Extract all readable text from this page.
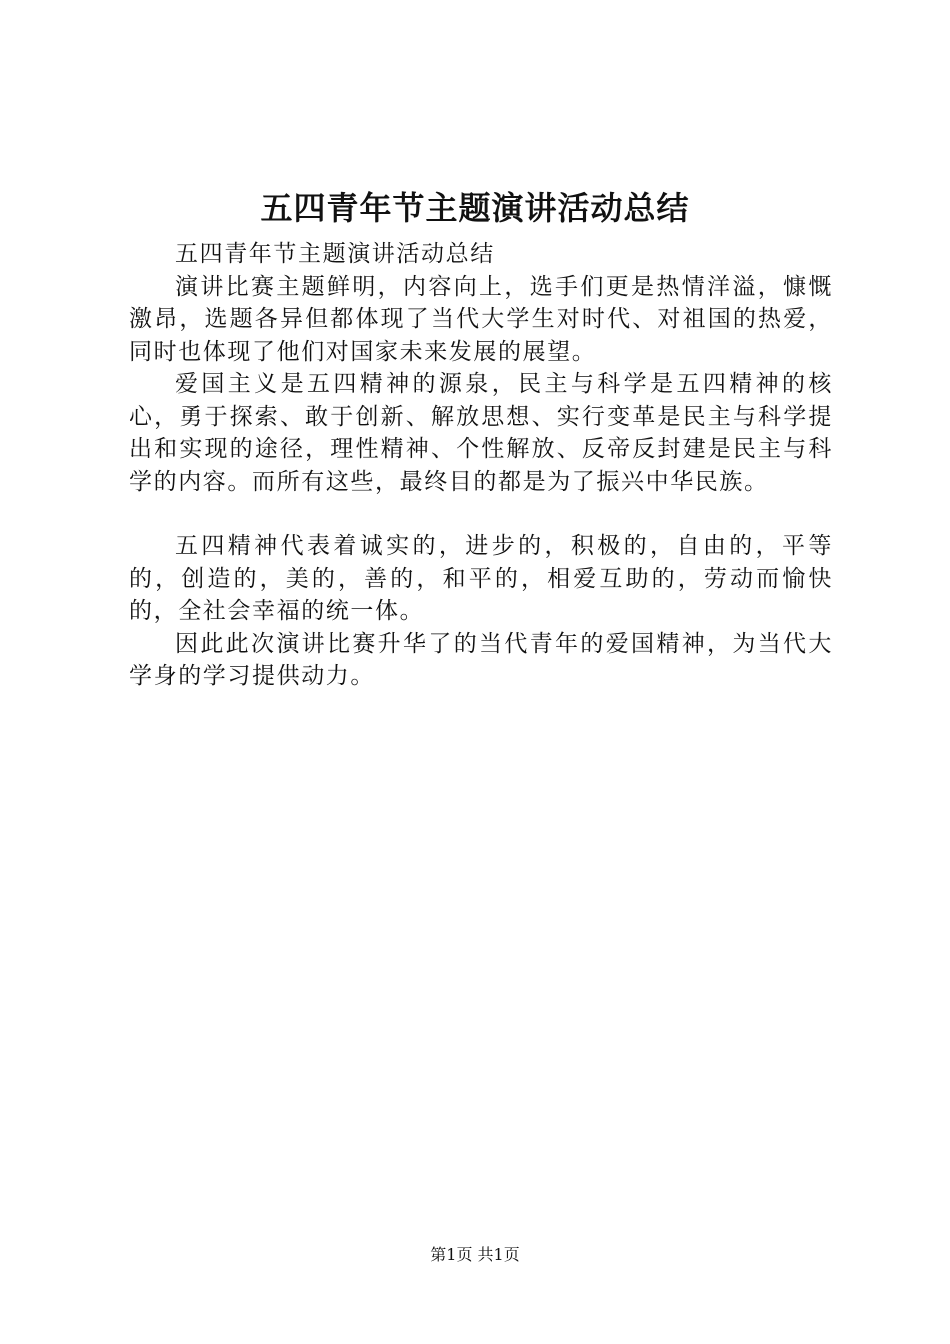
五四青年节主题演讲活动总结

五四青年节主题演讲活动总结

演讲比赛主题鲜明，内容向上，选手们更是热情洋溢，慷慨激昂，选题各异但都体现了当代大学生对时代、对祖国的热爱，同时也体现了他们对国家未来发展的展望。

爱国主义是五四精神的源泉，民主与科学是五四精神的核心，勇于探索、敢于创新、解放思想、实行变革是民主与科学提出和实现的途径，理性精神、个性解放、反帝反封建是民主与科学的内容。而所有这些，最终目的都是为了振兴中华民族。

五四精神代表着诚实的，进步的，积极的，自由的，平等的，创造的，美的，善的，和平的，相爱互助的，劳动而愉快的，全社会幸福的统一体。

因此此次演讲比赛升华了的当代青年的爱国精神，为当代大学身的学习提供动力。

第1页 共1页
